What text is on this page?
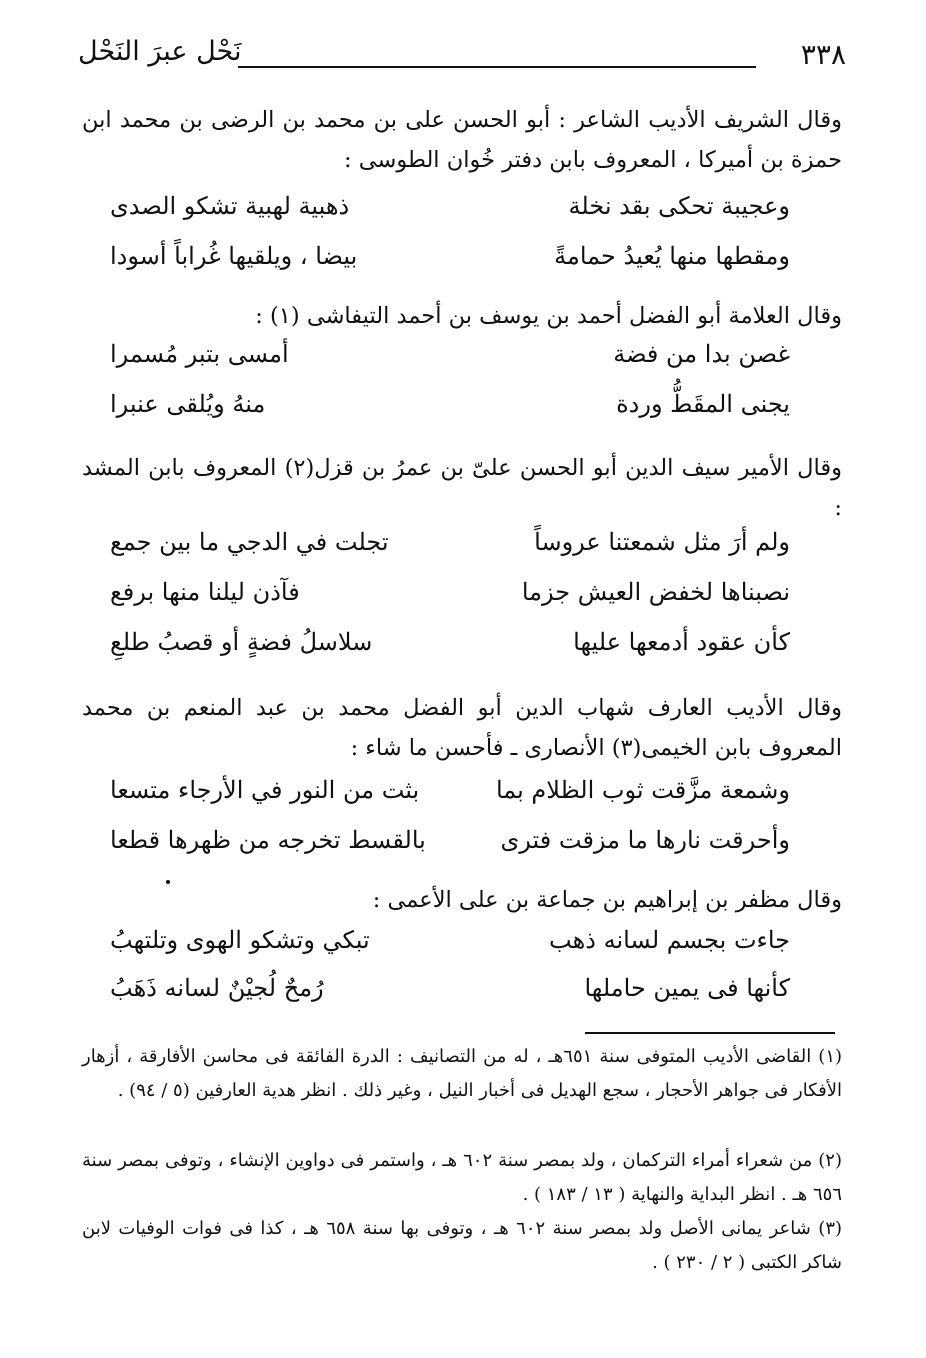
٣٣٨
نَحْل عبرَ النَحْل
وقال الشريف الأديب الشاعر : أبو الحسن على بن محمد بن الرضى بن محمد ابن حمزة بن أميركا ، المعروف بابن دفتر خُوان الطوسى :
وعجيبة تحكى بقد نخلة
ذهبية لهبية تشكو الصدى
ومقطها منها يُعيدُ حمامةً
بيضا ، ويلقيها غُراباً أسودا
وقال العلامة أبو الفضل أحمد بن يوسف بن أحمد التيفاشى (١) :
غصن بدا من فضة
أمسى بتبر مُسمرا
يجنى المقَطُّ وردة
منهُ ويُلقى عنبرا
وقال الأمير سيف الدين أبو الحسن علىّ بن عمرُ بن قزل(٢) المعروف بابن المشد :
ولم أرَ مثل شمعتنا عروساً
تجلت في الدجي ما بين جمع
نصبناها لخفض العيش جزما
فآذن ليلنا منها برفع
كأن عقود أدمعها عليها
سلاسلُ فضةٍ أو قصبُ طلعِ
وقال الأديب العارف شهاب الدين أبو الفضل محمد بن عبد المنعم بن محمد المعروف بابن الخيمى(٣) الأنصارى ـ فأحسن ما شاء :
وشمعة مزَّقت ثوب الظلام بما
بثت من النور في الأرجاء متسعا
وأحرقت نارها ما مزقت فترى
بالقسط تخرجه من ظهرها قطعا
وقال مظفر بن إبراهيم بن جماعة بن على الأعمى :
جاءت بجسم لسانه ذهب
تبكي وتشكو الهوى وتلتهبُ
كأنها فى يمين حاملها
رُمحٌ لُجيْنٌ لسانه ذَهَبُ
(١) القاضى الأديب المتوفى سنة ٦٥١هـ ، له من التصانيف : الدرة الفائقة فى محاسن الأفارقة ، أزهار الأفكار فى جواهر الأحجار ، سجع الهديل فى أخبار النيل ، وغير ذلك . انظر هدية العارفين (٥ / ٩٤) .
(٢) من شعراء أمراء التركمان ، ولد بمصر سنة ٦٠٢ هـ ، واستمر فى دواوين الإنشاء ، وتوفى بمصر سنة ٦٥٦ هـ . انظر البداية والنهاية ( ١٣ / ١٨٣ ) .
(٣) شاعر يمانى الأصل ولد بمصر سنة ٦٠٢ هـ ، وتوفى بها سنة ٦٥٨ هـ ، كذا فى فوات الوفيات لابن شاكر الكتبى ( ٢ / ٢٣٠ ) .
